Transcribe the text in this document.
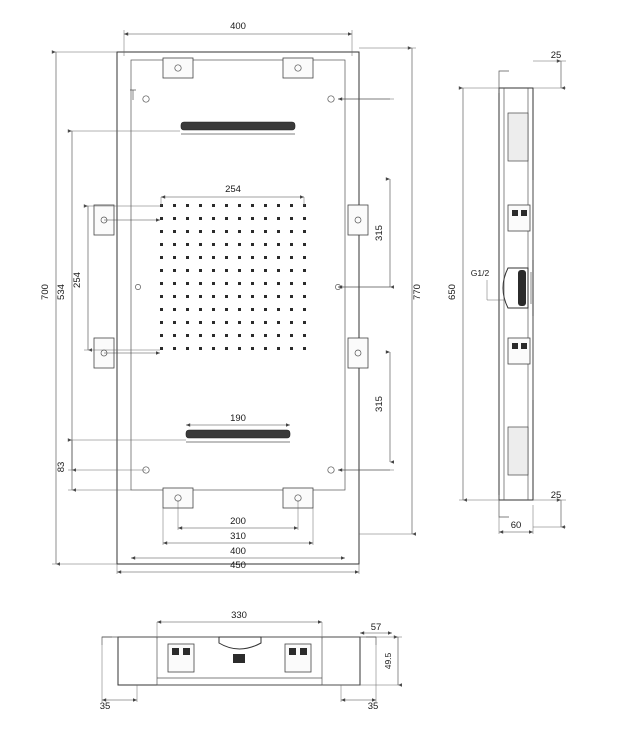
400
450
400
310
200
254
190
700 534
254
83
770
315
315
G1/2
25
25
650
60
330
35	35
57
49.5
